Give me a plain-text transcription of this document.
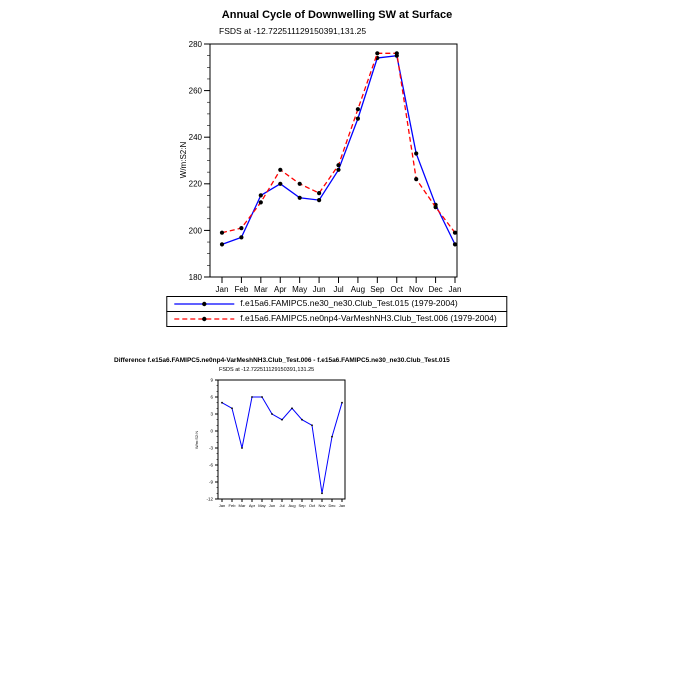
Annual Cycle of Downwelling SW at Surface
FSDS at -12.722511129150391,131.25
W/m:S2:N
180
200
220
240
260
280
Jan Feb Mar Apr May Jun Jul Aug Sep Oct Nov Dec Jan
f.e15a6.FAMIPC5.ne30_ne30.Club_Test.015 (1979-2004)
f.e15a6.FAMIPC5.ne0np4-VarMeshNH3.Club_Test.006 (1979-2004)
Difference f.e15a6.FAMIPC5.ne0np4-VarMeshNH3.Club_Test.006 - f.e15a6.FAMIPC5.ne30_ne30.Club_Test.015
FSDS at -12.722511129150391,131.25
W/m:S2:N
9
6
3
0
-3
-6
-9
-12
Jan Feb Mar Apr May Jun Jul Aug Sep Oct Nov Dec Jan
